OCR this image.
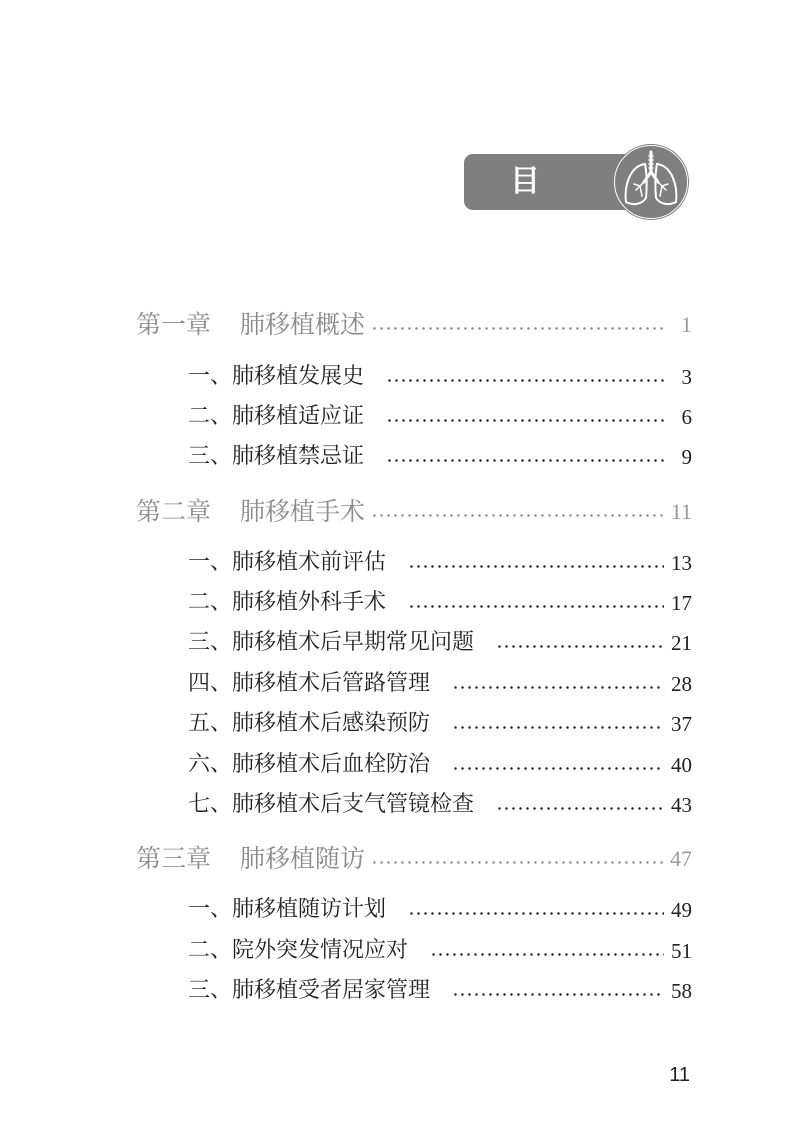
目 录
第一章	肺移植概述	1
一、肺移植发展史	3
二、肺移植适应证	6
三、肺移植禁忌证	9
第二章	肺移植手术	11
一、肺移植术前评估	13
二、肺移植外科手术	17
三、肺移植术后早期常见问题	21
四、肺移植术后管路管理	28
五、肺移植术后感染预防	37
六、肺移植术后血栓防治	40
七、肺移植术后支气管镜检查	43
第三章	肺移植随访	47
一、肺移植随访计划	49
二、院外突发情况应对	51
三、肺移植受者居家管理	58
11
